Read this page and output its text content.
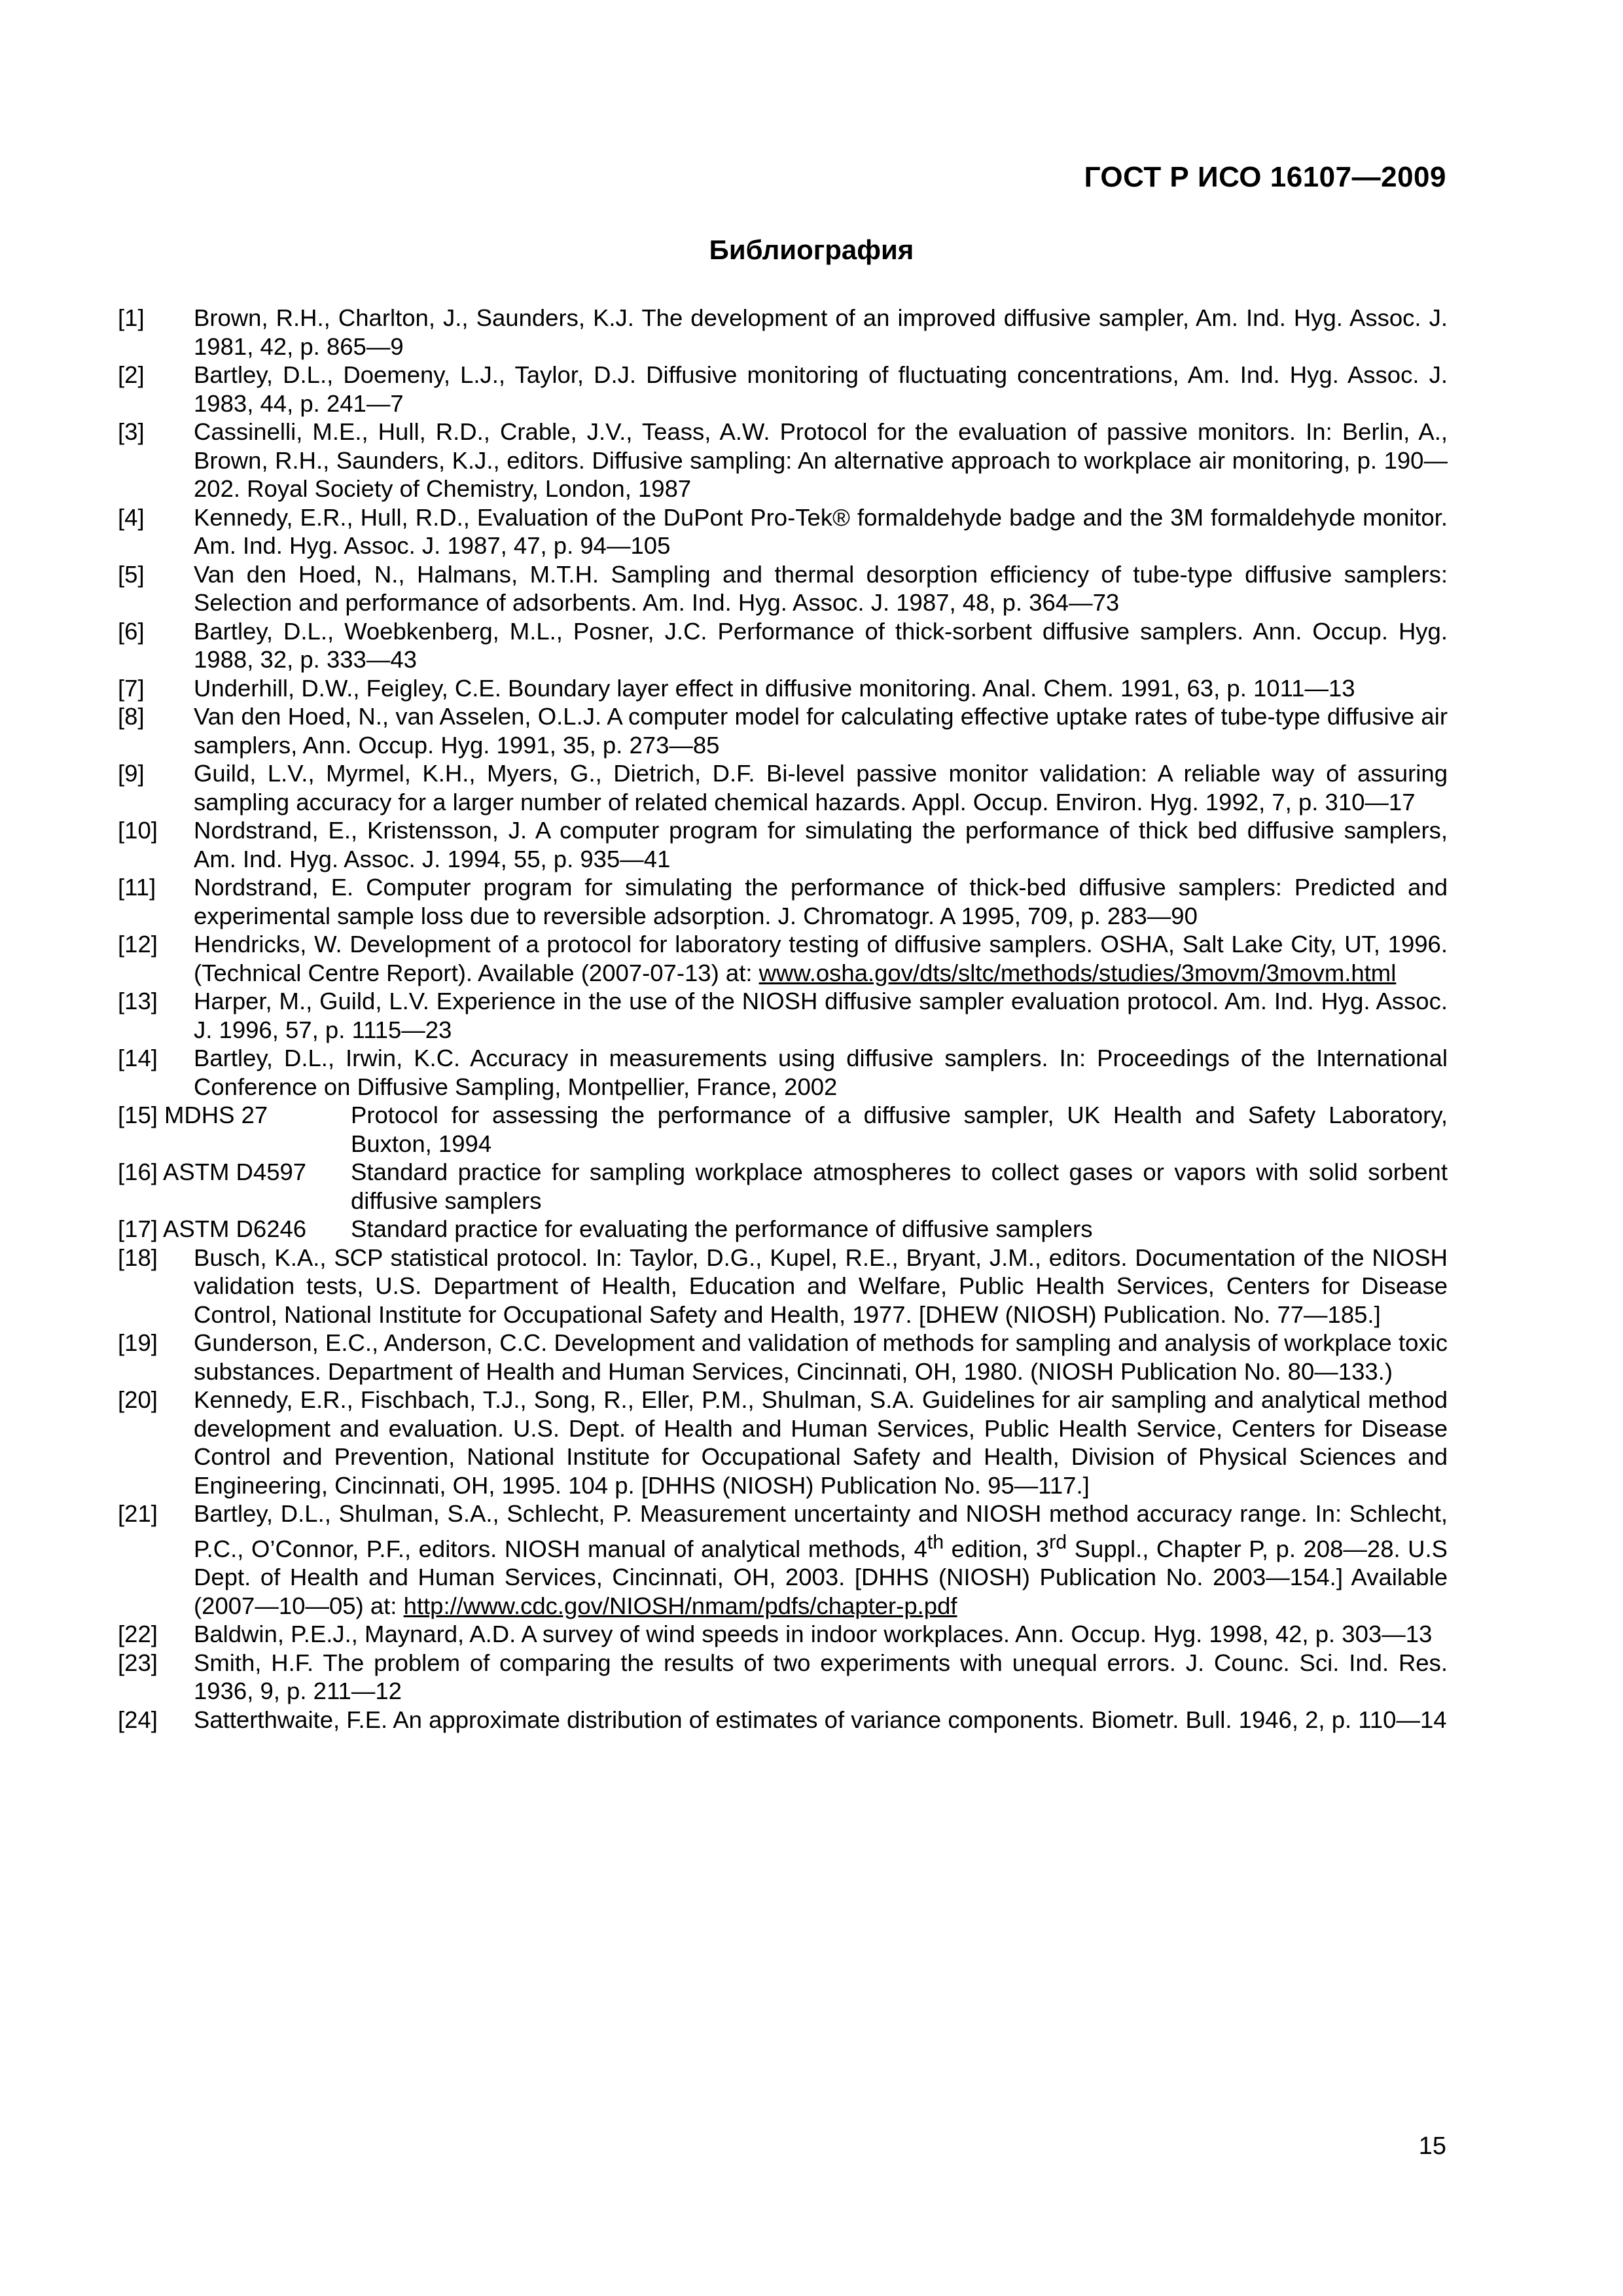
ГОСТ Р ИСО 16107—2009
Библиография
[1]	Brown, R.H., Charlton, J., Saunders, K.J. The development of an improved diffusive sampler, Am. Ind. Hyg. Assoc. J. 1981, 42, p. 865—9
[2]	Bartley, D.L., Doemeny, L.J., Taylor, D.J. Diffusive monitoring of fluctuating concentrations, Am. Ind. Hyg. Assoc. J. 1983, 44, p. 241—7
[3]	Cassinelli, M.E., Hull, R.D., Crable, J.V., Teass, A.W. Protocol for the evaluation of passive monitors. In: Berlin, A., Brown, R.H., Saunders, K.J., editors. Diffusive sampling: An alternative approach to workplace air monitoring, p. 190—202. Royal Society of Chemistry, London, 1987
[4]	Kennedy, E.R., Hull, R.D., Evaluation of the DuPont Pro-Tek® formaldehyde badge and the 3M formaldehyde monitor. Am. Ind. Hyg. Assoc. J. 1987, 47, p. 94—105
[5]	Van den Hoed, N., Halmans, M.T.H. Sampling and thermal desorption efficiency of tube-type diffusive samplers: Selection and performance of adsorbents. Am. Ind. Hyg. Assoc. J. 1987, 48, p. 364—73
[6]	Bartley, D.L., Woebkenberg, M.L., Posner, J.C. Performance of thick-sorbent diffusive samplers. Ann. Occup. Hyg. 1988, 32, p. 333—43
[7]	Underhill, D.W., Feigley, C.E. Boundary layer effect in diffusive monitoring. Anal. Chem. 1991, 63, p. 1011—13
[8]	Van den Hoed, N., van Asselen, O.L.J. A computer model for calculating effective uptake rates of tube-type diffusive air samplers, Ann. Occup. Hyg. 1991, 35, p. 273—85
[9]	Guild, L.V., Myrmel, K.H., Myers, G., Dietrich, D.F. Bi-level passive monitor validation: A reliable way of assuring sampling accuracy for a larger number of related chemical hazards. Appl. Occup. Environ. Hyg. 1992, 7, p. 310—17
[10]	Nordstrand, E., Kristensson, J. A computer program for simulating the performance of thick bed diffusive samplers, Am. Ind. Hyg. Assoc. J. 1994, 55, p. 935—41
[11]	Nordstrand, E. Computer program for simulating the performance of thick-bed diffusive samplers: Predicted and experimental sample loss due to reversible adsorption. J. Chromatogr. A 1995, 709, p. 283—90
[12]	Hendricks, W. Development of a protocol for laboratory testing of diffusive samplers. OSHA, Salt Lake City, UT, 1996. (Technical Centre Report). Available (2007-07-13) at: www.osha.gov/dts/sltc/methods/studies/3movm/3movm.html
[13]	Harper, M., Guild, L.V. Experience in the use of the NIOSH diffusive sampler evaluation protocol. Am. Ind. Hyg. Assoc. J. 1996, 57, p. 1115—23
[14]	Bartley, D.L., Irwin, K.C. Accuracy in measurements using diffusive samplers. In: Proceedings of the International Conference on Diffusive Sampling, Montpellier, France, 2002
[15] MDHS 27	Protocol for assessing the performance of a diffusive sampler, UK Health and Safety Laboratory, Buxton, 1994
[16] ASTM D4597	Standard practice for sampling workplace atmospheres to collect gases or vapors with solid sorbent diffusive samplers
[17] ASTM D6246	Standard practice for evaluating the performance of diffusive samplers
[18]	Busch, K.A., SCP statistical protocol. In: Taylor, D.G., Kupel, R.E., Bryant, J.M., editors. Documentation of the NIOSH validation tests, U.S. Department of Health, Education and Welfare, Public Health Services, Centers for Disease Control, National Institute for Occupational Safety and Health, 1977. [DHEW (NIOSH) Publication. No. 77—185.]
[19]	Gunderson, E.C., Anderson, C.C. Development and validation of methods for sampling and analysis of workplace toxic substances. Department of Health and Human Services, Cincinnati, OH, 1980. (NIOSH Publication No. 80—133.)
[20]	Kennedy, E.R., Fischbach, T.J., Song, R., Eller, P.M., Shulman, S.A. Guidelines for air sampling and analytical method development and evaluation. U.S. Dept. of Health and Human Services, Public Health Service, Centers for Disease Control and Prevention, National Institute for Occupational Safety and Health, Division of Physical Sciences and Engineering, Cincinnati, OH, 1995. 104 p. [DHHS (NIOSH) Publication No. 95—117.]
[21]	Bartley, D.L., Shulman, S.A., Schlecht, P. Measurement uncertainty and NIOSH method accuracy range. In: Schlecht, P.C., O’Connor, P.F., editors. NIOSH manual of analytical methods, 4th edition, 3rd Suppl., Chapter P, p. 208—28. U.S Dept. of Health and Human Services, Cincinnati, OH, 2003. [DHHS (NIOSH) Publication No. 2003—154.] Available (2007—10—05) at: http://www.cdc.gov/NIOSH/nmam/pdfs/chapter-p.pdf
[22]	Baldwin, P.E.J., Maynard, A.D. A survey of wind speeds in indoor workplaces. Ann. Occup. Hyg. 1998, 42, p. 303—13
[23]	Smith, H.F. The problem of comparing the results of two experiments with unequal errors. J. Counc. Sci. Ind. Res. 1936, 9, p. 211—12
[24]	Satterthwaite, F.E. An approximate distribution of estimates of variance components. Biometr. Bull. 1946, 2, p. 110—14
15
